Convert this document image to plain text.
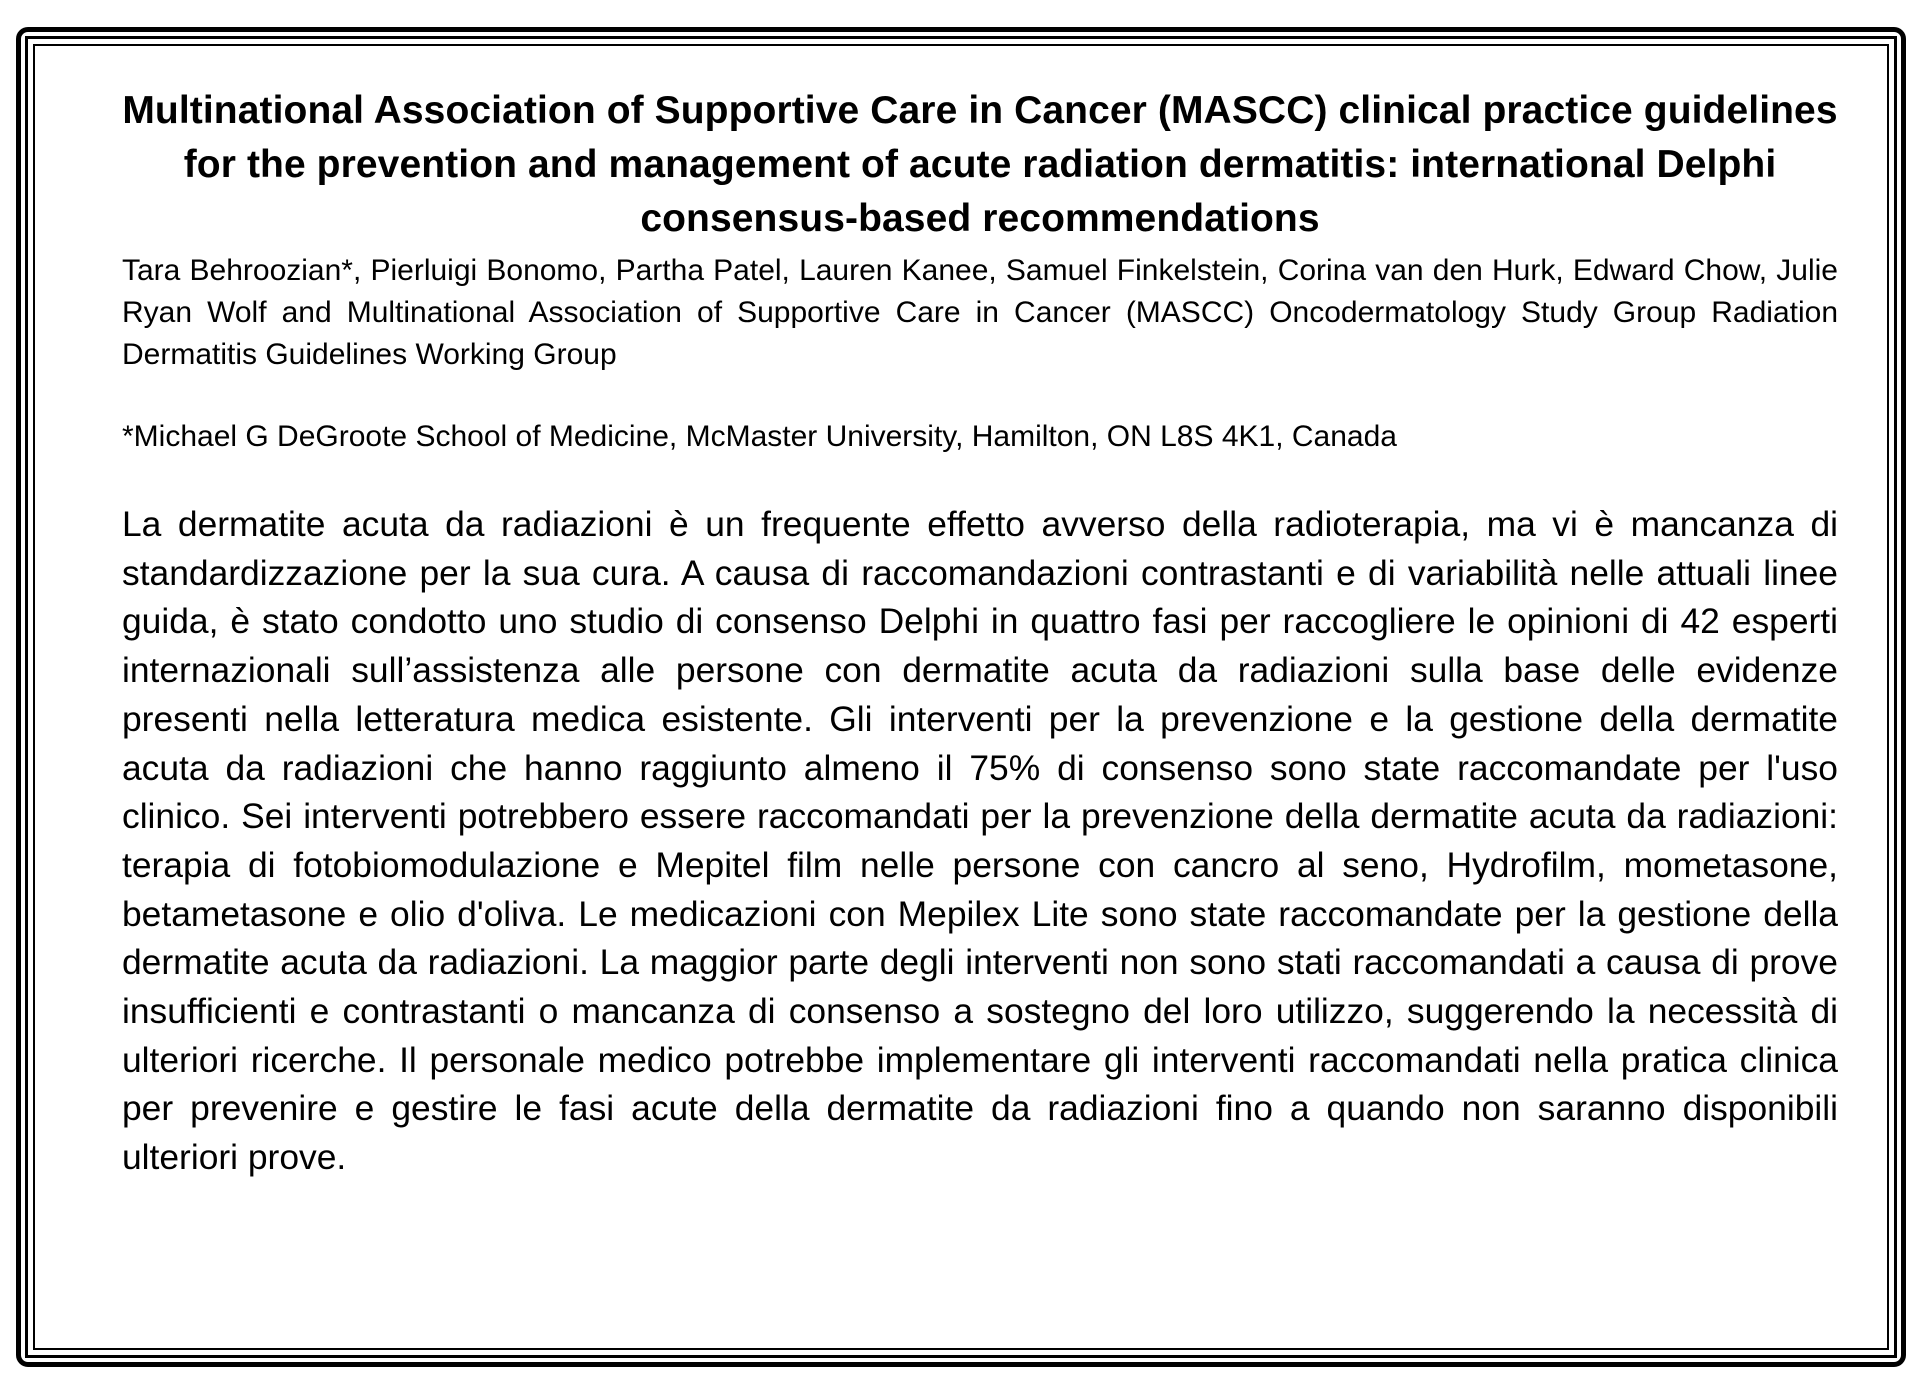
Multinational Association of Supportive Care in Cancer (MASCC) clinical practice guidelines for the prevention and management of acute radiation dermatitis: international Delphi consensus-based recommendations

Tara Behroozian*, Pierluigi Bonomo, Partha Patel, Lauren Kanee, Samuel Finkelstein, Corina van den Hurk, Edward Chow, Julie Ryan Wolf and Multinational Association of Supportive Care in Cancer (MASCC) Oncodermatology Study Group Radiation Dermatitis Guidelines Working Group

*Michael G DeGroote School of Medicine, McMaster University, Hamilton, ON L8S 4K1, Canada

La dermatite acuta da radiazioni è un frequente effetto avverso della radioterapia, ma vi è mancanza di standardizzazione per la sua cura. A causa di raccomandazioni contrastanti e di variabilità nelle attuali linee guida, è stato condotto uno studio di consenso Delphi in quattro fasi per raccogliere le opinioni di 42 esperti internazionali sull’assistenza alle persone con dermatite acuta da radiazioni sulla base delle evidenze presenti nella letteratura medica esistente. Gli interventi per la prevenzione e la gestione della dermatite acuta da radiazioni che hanno raggiunto almeno il 75% di consenso sono state raccomandate per l'uso clinico. Sei interventi potrebbero essere raccomandati per la prevenzione della dermatite acuta da radiazioni: terapia di fotobiomodulazione e Mepitel film nelle persone con cancro al seno, Hydrofilm, mometasone, betametasone e olio d'oliva. Le medicazioni con Mepilex Lite sono state raccomandate per la gestione della dermatite acuta da radiazioni. La maggior parte degli interventi non sono stati raccomandati a causa di prove insufficienti e contrastanti o mancanza di consenso a sostegno del loro utilizzo, suggerendo la necessità di ulteriori ricerche. Il personale medico potrebbe implementare gli interventi raccomandati nella pratica clinica per prevenire e gestire le fasi acute della dermatite da radiazioni fino a quando non saranno disponibili ulteriori prove.
